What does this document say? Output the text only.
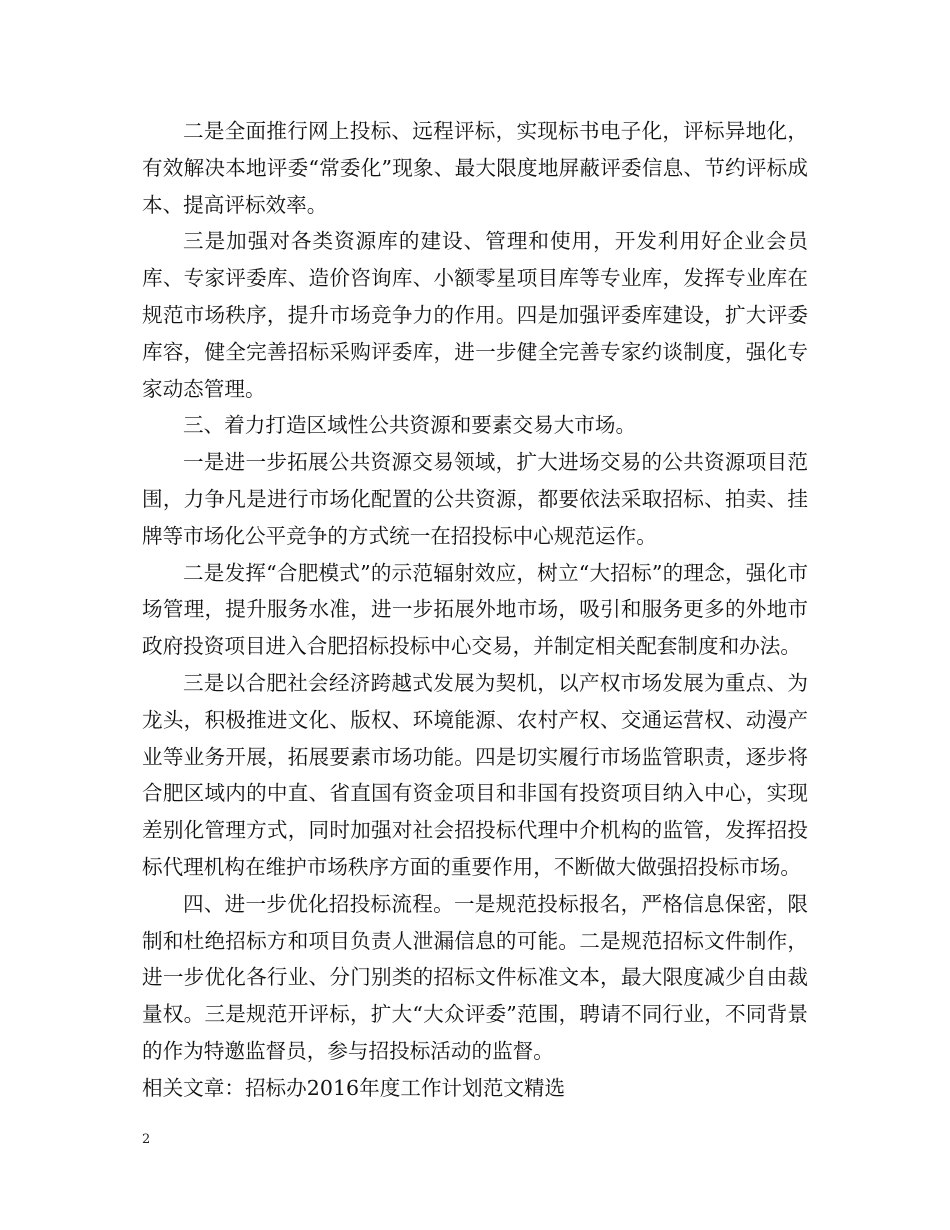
二是全面推行网上投标、远程评标，实现标书电子化，评标异地化，有效解决本地评委“常委化”现象、最大限度地屏蔽评委信息、节约评标成本、提高评标效率。

三是加强对各类资源库的建设、管理和使用，开发利用好企业会员库、专家评委库、造价咨询库、小额零星项目库等专业库，发挥专业库在规范市场秩序，提升市场竞争力的作用。四是加强评委库建设，扩大评委库容，健全完善招标采购评委库，进一步健全完善专家约谈制度，强化专家动态管理。

三、着力打造区域性公共资源和要素交易大市场。

一是进一步拓展公共资源交易领域，扩大进场交易的公共资源项目范围，力争凡是进行市场化配置的公共资源，都要依法采取招标、拍卖、挂牌等市场化公平竞争的方式统一在招投标中心规范运作。

二是发挥“合肥模式”的示范辐射效应，树立“大招标”的理念，强化市场管理，提升服务水准，进一步拓展外地市场，吸引和服务更多的外地市政府投资项目进入合肥招标投标中心交易，并制定相关配套制度和办法。

三是以合肥社会经济跨越式发展为契机，以产权市场发展为重点、为龙头，积极推进文化、版权、环境能源、农村产权、交通运营权、动漫产业等业务开展，拓展要素市场功能。四是切实履行市场监管职责，逐步将合肥区域内的中直、省直国有资金项目和非国有投资项目纳入中心，实现差别化管理方式，同时加强对社会招投标代理中介机构的监管，发挥招投标代理机构在维护市场秩序方面的重要作用，不断做大做强招投标市场。

四、进一步优化招投标流程。一是规范投标报名，严格信息保密，限制和杜绝招标方和项目负责人泄漏信息的可能。二是规范招标文件制作，进一步优化各行业、分门别类的招标文件标准文本，最大限度减少自由裁量权。三是规范开评标，扩大“大众评委”范围，聘请不同行业，不同背景的作为特邀监督员，参与招投标活动的监督。

相关文章：招标办2016年度工作计划范文精选

2
